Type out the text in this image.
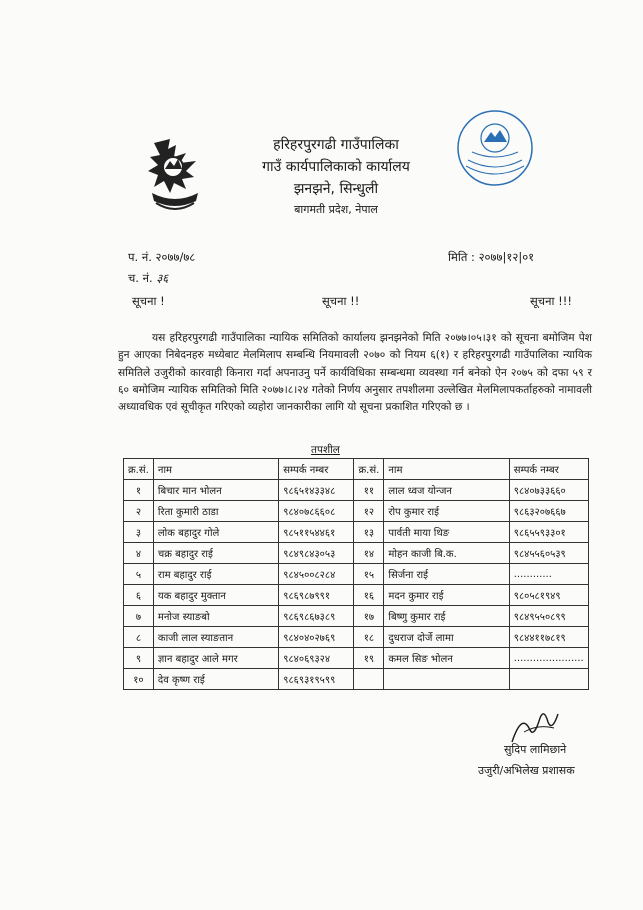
हरिहरपुरगढी गाउँपालिका
गाउँ कार्यपालिकाको कार्यालय
झनझने, सिन्धुली
बागमती प्रदेश, नेपाल
प. नं. २०७७/७८
च. नं. ३६
मिति : २०७७|१२|०१
सूचना !	सूचना !!	सूचना !!!
यस हरिहरपुरगढी गाउँपालिका न्यायिक समितिको कार्यालय झनझनेको मिति २०७७।०५।३१ को सूचना बमोजिम पेश हुन आएका निबेदनहरु मध्येबाट मेलमिलाप सम्बन्धि नियमावली २०७० को नियम ६(१) र हरिहरपुरगढी गाउँपालिका न्यायिक समितिले उजुरीको कारवाही किनारा गर्दा अपनाउनु पर्ने कार्यविधिका सम्बन्धमा व्यवस्था गर्न बनेको ऐन २०७५ को दफा ५९ र ६० बमोजिम न्यायिक समितिको मिति २०७७।८।२४ गतेको निर्णय अनुसार तपशीलमा उल्लेखित मेलमिलापकर्ताहरुको नामावली अध्यावधिक एवं सूचीकृत गरिएको व्यहोरा जानकारीका लागि यो सूचना प्रकाशित गरिएको छ ।
तपशील
क्र.सं.	नाम	सम्पर्क नम्बर	क्र.सं.	नाम	सम्पर्क नम्बर
१	बिचार मान भोलन	९८६५१४३३४८	११	लाल ध्वज योन्जन	९८४०७३३६६०
२	रिता कुमारी ठाडा	९८४०७८६६०८	१२	रोप कुमार राई	९८६३२०७६६७
३	लोक बहादुर गोले	९८५११५४४६१	१३	पार्वती माया थिङ	९८६५५९३३०१
४	चक्र बहादुर राई	९८४९८४३०५३	१४	मोहन काजी बि.क.	९८४५५६०५३९
५	राम बहादुर राई	९८४५००८२८४	१५	सिर्जना राई	............
६	यक बहादुर मुक्तान	९८६९८७९९१	१६	मदन कुमार राई	९८०५८१९४९
७	मनोज स्याङबो	९८६९८६७३८९	१७	बिष्णु कुमार राई	९८४९५५०८९९
८	काजी लाल स्याङतान	९८४०४०२७६९	१८	दुधराज दोर्जे लामा	९८४४११७८१९
९	ज्ञान बहादुर आले मगर	९८४०६९३२४	१९	कमल सिङ भोलन	......................
१०	देव कृष्ण राई	९८६९३१९५९९			
सुदिप लामिछाने
उजुरी/अभिलेख प्रशासक
